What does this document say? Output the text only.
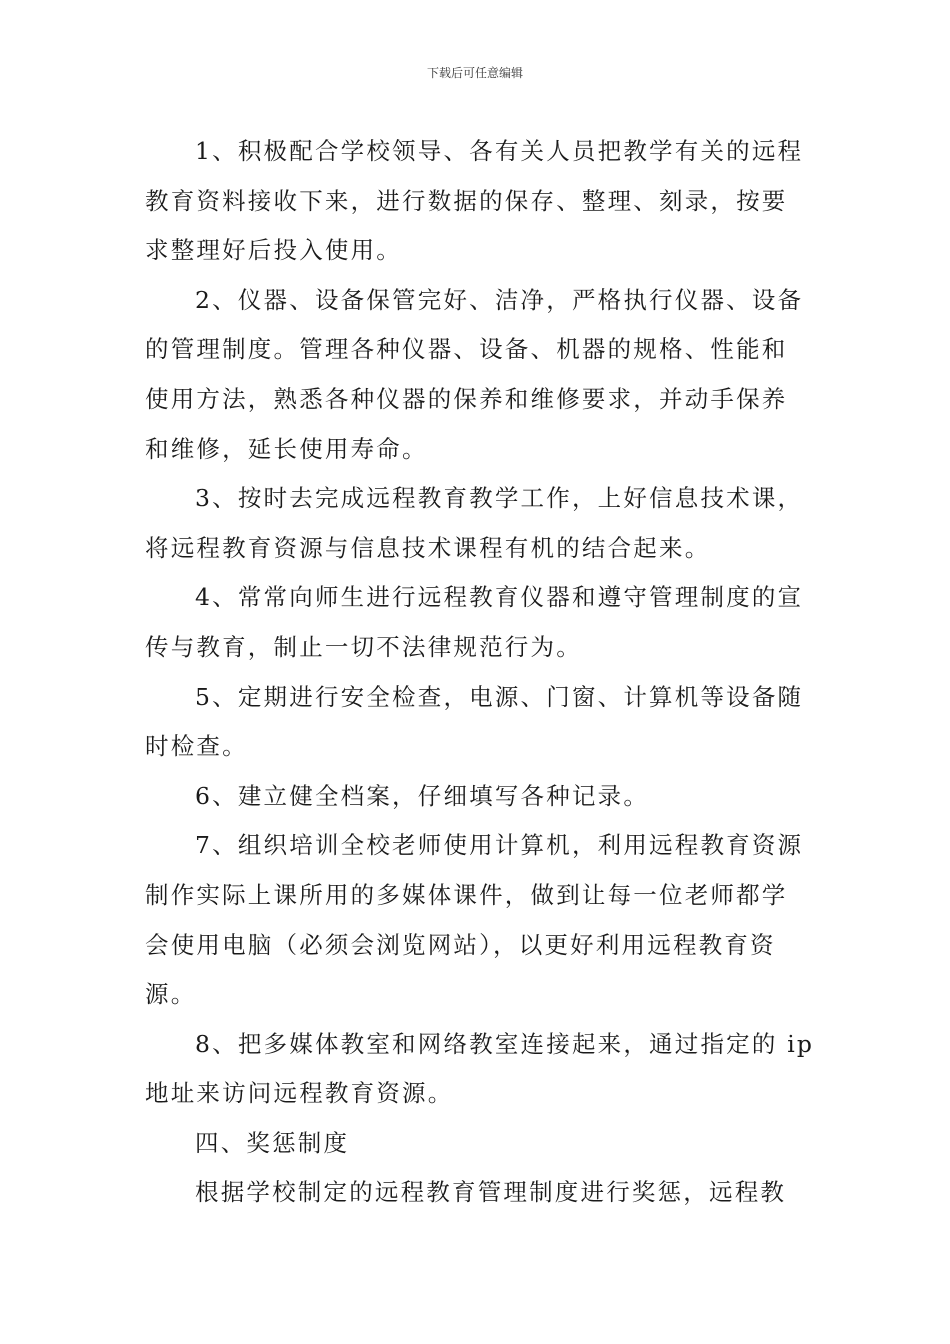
下载后可任意编辑
1、积极配合学校领导、各有关人员把教学有关的远程
教育资料接收下来，进行数据的保存、整理、刻录，按要
求整理好后投入使用。
2、仪器、设备保管完好、洁净，严格执行仪器、设备
的管理制度。管理各种仪器、设备、机器的规格、性能和
使用方法，熟悉各种仪器的保养和维修要求，并动手保养
和维修，延长使用寿命。
3、按时去完成远程教育教学工作，上好信息技术课，
将远程教育资源与信息技术课程有机的结合起来。
4、常常向师生进行远程教育仪器和遵守管理制度的宣
传与教育，制止一切不法律规范行为。
5、定期进行安全检查，电源、门窗、计算机等设备随
时检查。
6、建立健全档案，仔细填写各种记录。
7、组织培训全校老师使用计算机，利用远程教育资源
制作实际上课所用的多媒体课件，做到让每一位老师都学
会使用电脑（必须会浏览网站），以更好利用远程教育资
源。
8、把多媒体教室和网络教室连接起来，通过指定的 ip
地址来访问远程教育资源。
四、奖惩制度
根据学校制定的远程教育管理制度进行奖惩，远程教
